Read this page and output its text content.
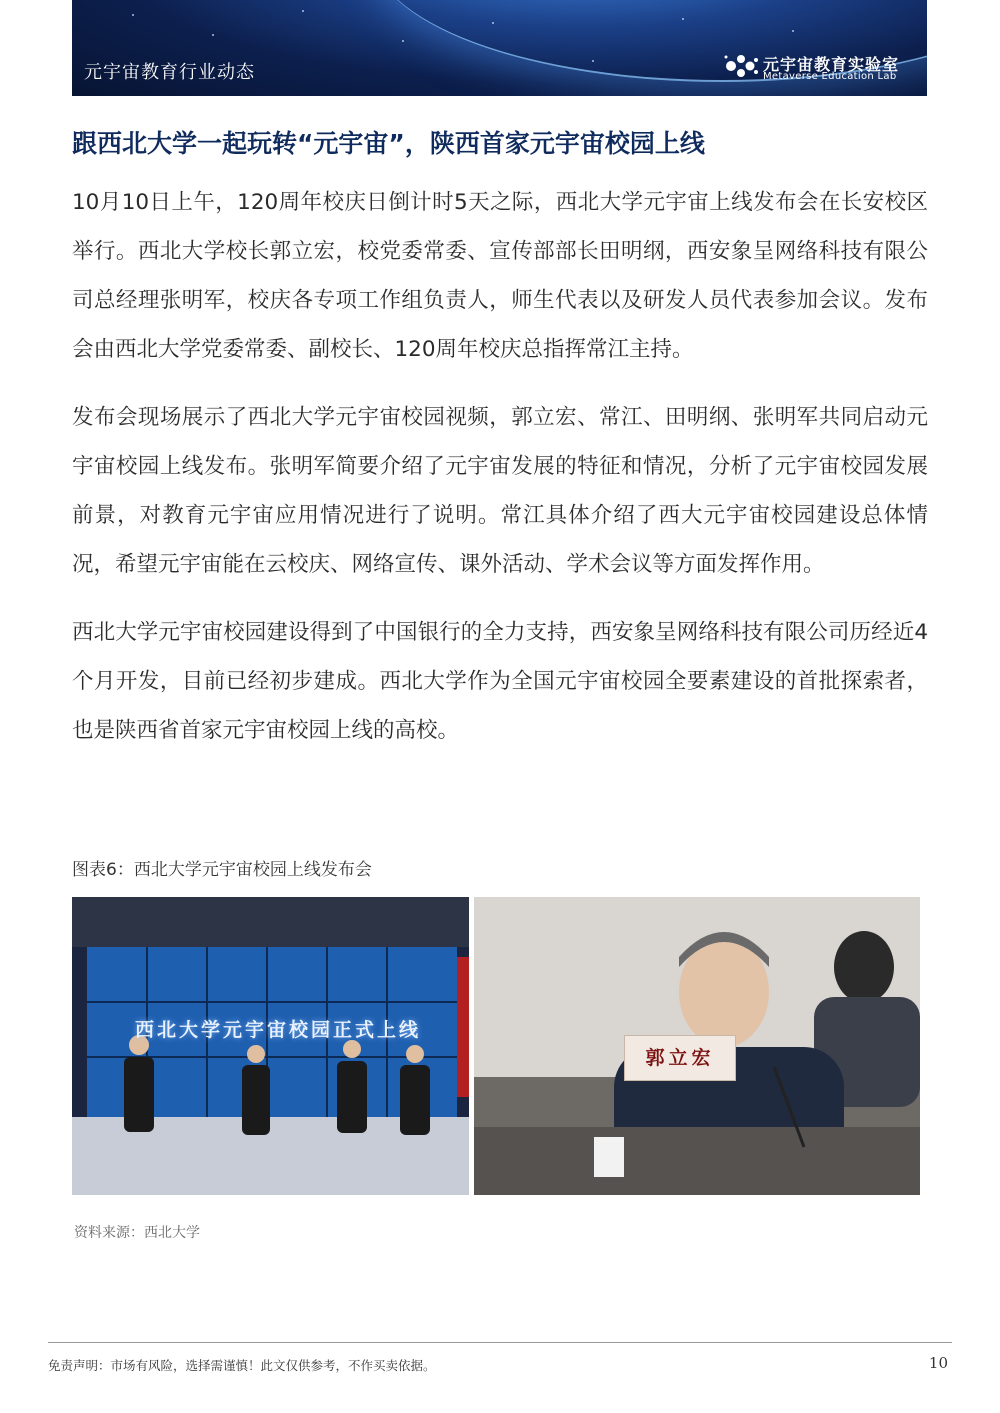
元宇宙教育行业动态	元宇宙教育实验室
Metaverse Education Lab
跟西北大学一起玩转“元宇宙”，陕西首家元宇宙校园上线

10月10日上午，120周年校庆日倒计时5天之际，西北大学元宇宙上线发布会在长安校区举行。西北大学校长郭立宏，校党委常委、宣传部部长田明纲，西安象呈网络科技有限公司总经理张明军，校庆各专项工作组负责人，师生代表以及研发人员代表参加会议。发布会由西北大学党委常委、副校长、120周年校庆总指挥常江主持。

发布会现场展示了西北大学元宇宙校园视频，郭立宏、常江、田明纲、张明军共同启动元宇宙校园上线发布。张明军简要介绍了元宇宙发展的特征和情况，分析了元宇宙校园发展前景，对教育元宇宙应用情况进行了说明。常江具体介绍了西大元宇宙校园建设总体情况，希望元宇宙能在云校庆、网络宣传、课外活动、学术会议等方面发挥作用。

西北大学元宇宙校园建设得到了中国银行的全力支持，西安象呈网络科技有限公司历经近4个月开发，目前已经初步建成。西北大学作为全国元宇宙校园全要素建设的首批探索者，也是陕西省首家元宇宙校园上线的高校。

图表6：西北大学元宇宙校园上线发布会
西北大学元宇宙校园正式上线
郭立宏
资料来源：西北大学
免责声明：市场有风险，选择需谨慎！此文仅供参考，不作买卖依据。	10
